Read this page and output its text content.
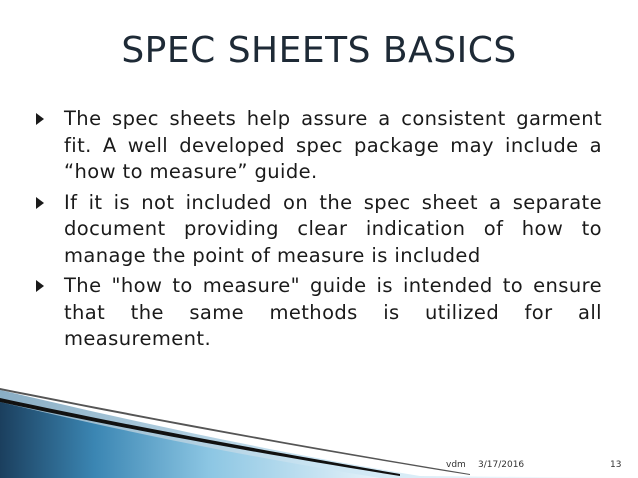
SPEC SHEETS BASICS
The spec sheets help assure a consistent garment fit. A well developed spec package may include a “how to measure” guide.
If it is not included on the spec sheet a separate document providing clear indication of how to manage the point of measure is included
The "how to measure" guide is intended to ensure that the same methods is utilized for all measurement.
vdm 3/17/2016	13
